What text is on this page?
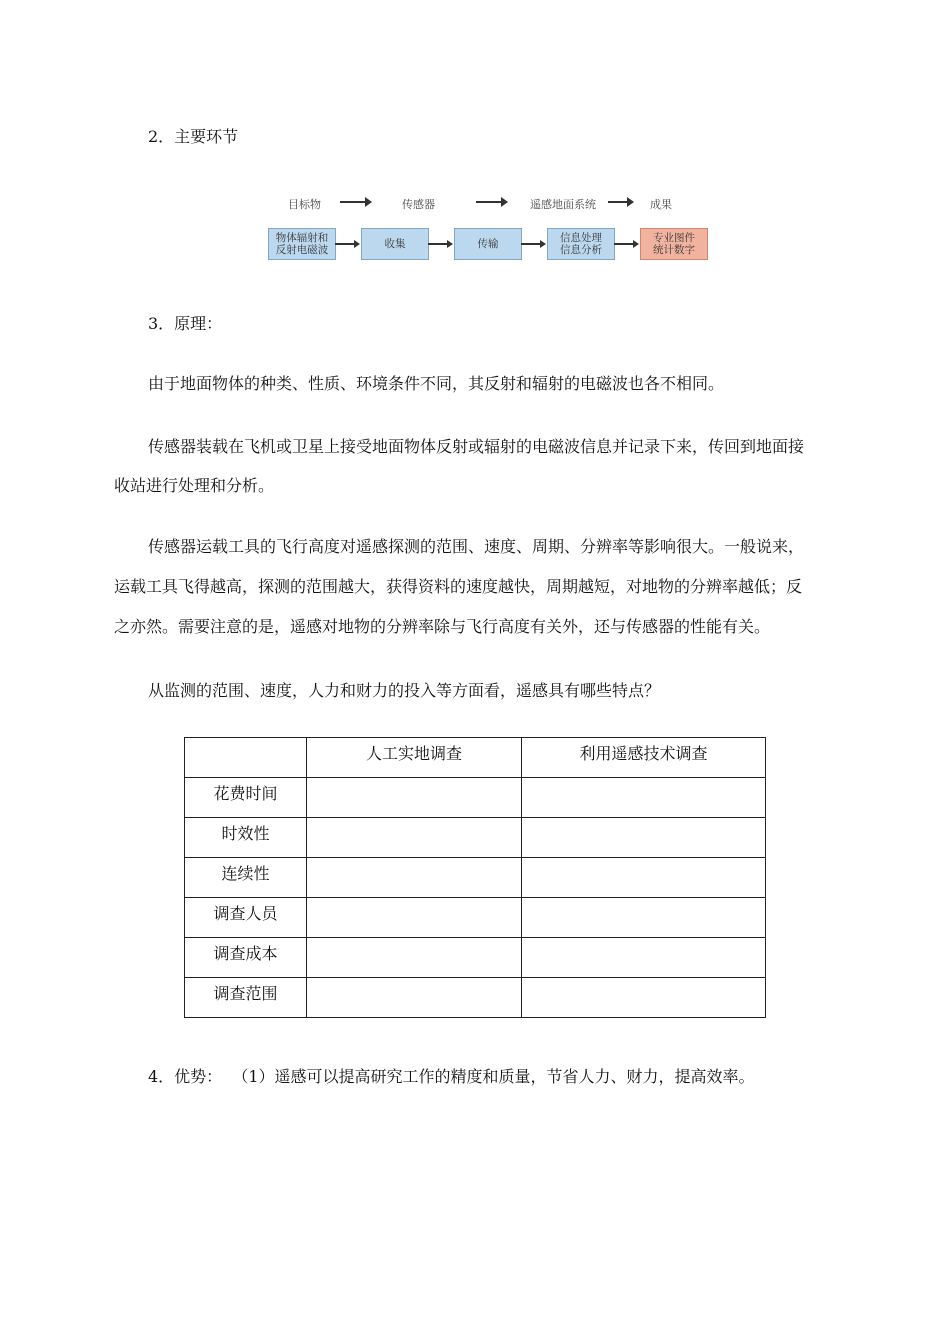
2．主要环节
目标物	传感器	遥感地面系统	成果
物体辐射和
反射电磁波	收集	传输	信息处理
信息分析
专业图件
统计数字
3．原理：
由于地面物体的种类、性质、环境条件不同，其反射和辐射的电磁波也各不相同。
传感器装载在飞机或卫星上接受地面物体反射或辐射的电磁波信息并记录下来，传回到地面接
收站进行处理和分析。
传感器运载工具的飞行高度对遥感探测的范围、速度、周期、分辨率等影响很大。一般说来，
运载工具飞得越高，探测的范围越大，获得资料的速度越快，周期越短，对地物的分辨率越低；反
之亦然。需要注意的是，遥感对地物的分辨率除与飞行高度有关外，还与传感器的性能有关。
从监测的范围、速度，人力和财力的投入等方面看，遥感具有哪些特点？
	人工实地调查	利用遥感技术调查
花费时间		
时效性		
连续性		
调查人员		
调查成本		
调查范围		
4．优势： （1）遥感可以提高研究工作的精度和质量，节省人力、财力，提高效率。
